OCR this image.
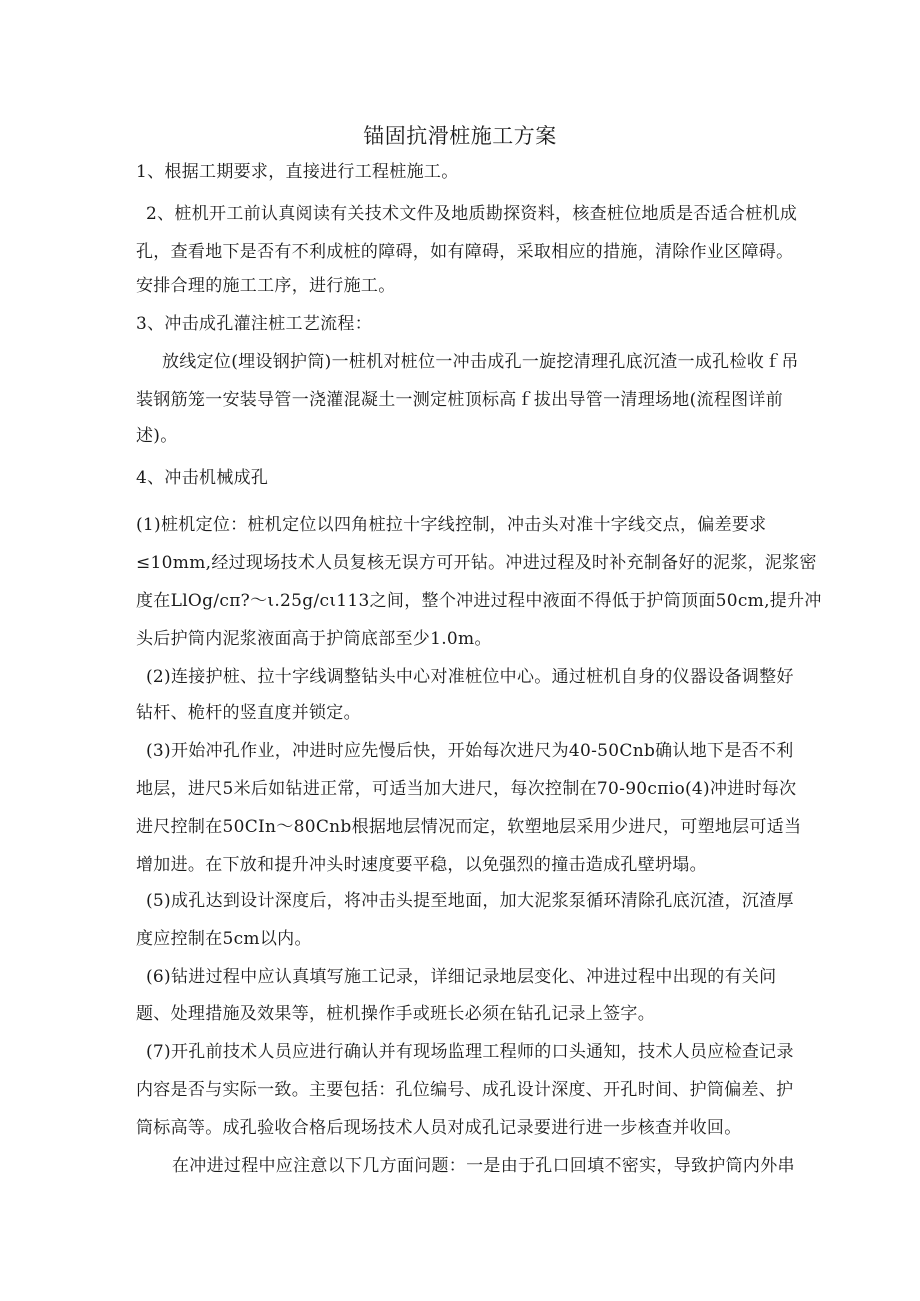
锚固抗滑桩施工方案
1、根据工期要求，直接进行工程桩施工。
2、桩机开工前认真阅读有关技术文件及地质勘探资料，核查桩位地质是否适合桩机成
孔，查看地下是否有不利成桩的障碍，如有障碍，采取相应的措施，清除作业区障碍。
安排合理的施工工序，进行施工。
3、冲击成孔灌注桩工艺流程：
放线定位(埋设钢护筒)一桩机对桩位一冲击成孔一旋挖清理孔底沉渣一成孔检收ｆ吊
装钢筋笼一安装导管一浇灌混凝土一测定桩顶标高ｆ拔出导管一清理场地(流程图详前
述)。
4、冲击机械成孔
(1)桩机定位：桩机定位以四角桩拉十字线控制，冲击头对准十字线交点，偏差要求
≤10mm,经过现场技术人员复核无误方可开钻。冲进过程及时补充制备好的泥浆，泥浆密
度在LlOg∕cπ?～ι.25g∕cι113之间，整个冲进过程中液面不得低于护筒顶面50cm,提升冲
头后护筒内泥浆液面高于护筒底部至少1.0m。
(2)连接护桩、拉十字线调整钻头中心对准桩位中心。通过桩机自身的仪器设备调整好
钻杆、桅杆的竖直度并锁定。
(3)开始冲孔作业，冲进时应先慢后快，开始每次进尺为40-50Cnb确认地下是否不利
地层，进尺5米后如钻进正常，可适当加大进尺，每次控制在70-90cπio(4)冲进时每次
进尺控制在50CIn～80Cnb根据地层情况而定，软塑地层采用少进尺，可塑地层可适当
增加进。在下放和提升冲头时速度要平稳，以免强烈的撞击造成孔壁坍塌。
(5)成孔达到设计深度后，将冲击头提至地面，加大泥浆泵循环清除孔底沉渣，沉渣厚
度应控制在5cm以内。
(6)钻进过程中应认真填写施工记录，详细记录地层变化、冲进过程中出现的有关问
题、处理措施及效果等，桩机操作手或班长必须在钻孔记录上签字。
(7)开孔前技术人员应进行确认并有现场监理工程师的口头通知，技术人员应检查记录
内容是否与实际一致。主要包括：孔位编号、成孔设计深度、开孔时间、护筒偏差、护
筒标高等。成孔验收合格后现场技术人员对成孔记录要进行进一步核查并收回。
在冲进过程中应注意以下几方面问题：一是由于孔口回填不密实，导致护筒内外串
